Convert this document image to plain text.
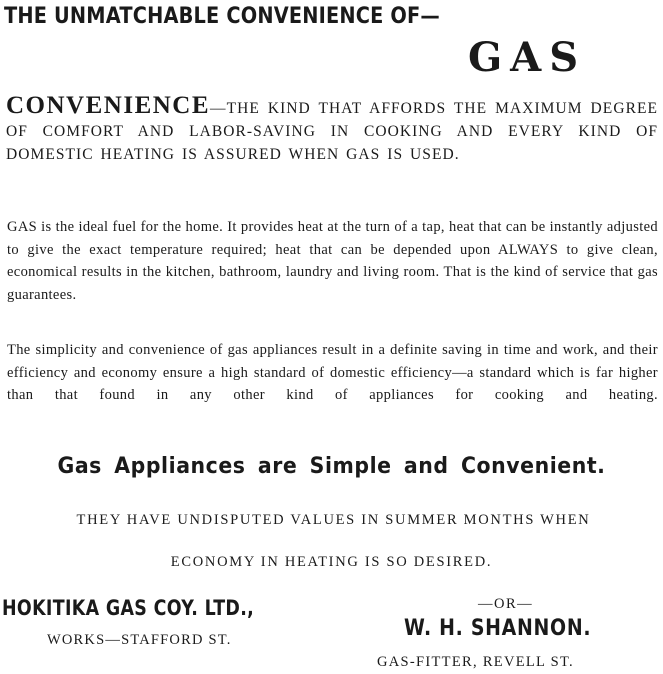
THE UNMATCHABLE CONVENIENCE OF—
GAS
CONVENIENCE—THE KIND THAT AFFORDS THE MAXIMUM DEGREE OF COMFORT AND LABOR-SAVING IN COOKING AND EVERY KIND OF DOMESTIC HEATING IS ASSURED WHEN GAS IS USED.
GAS is the ideal fuel for the home. It provides heat at the turn of a tap, heat that can be instantly adjusted to give the exact temperature required; heat that can be depended upon ALWAYS to give clean, economical results in the kitchen, bathroom, laundry and living room. That is the kind of service that gas guarantees.
The simplicity and convenience of gas appliances result in a definite saving in time and work, and their efficiency and economy ensure a high standard of domestic efficiency—a standard which is far higher than that found in any other kind of appliances for cooking and heating.
Gas Appliances are Simple and Convenient.
THEY HAVE UNDISPUTED VALUES IN SUMMER MONTHS WHEN
ECONOMY IN HEATING IS SO DESIRED.
HOKITIKA GAS COY. LTD.,
WORKS—STAFFORD ST.
—OR—
W. H. SHANNON.
GAS-FITTER, REVELL ST.
